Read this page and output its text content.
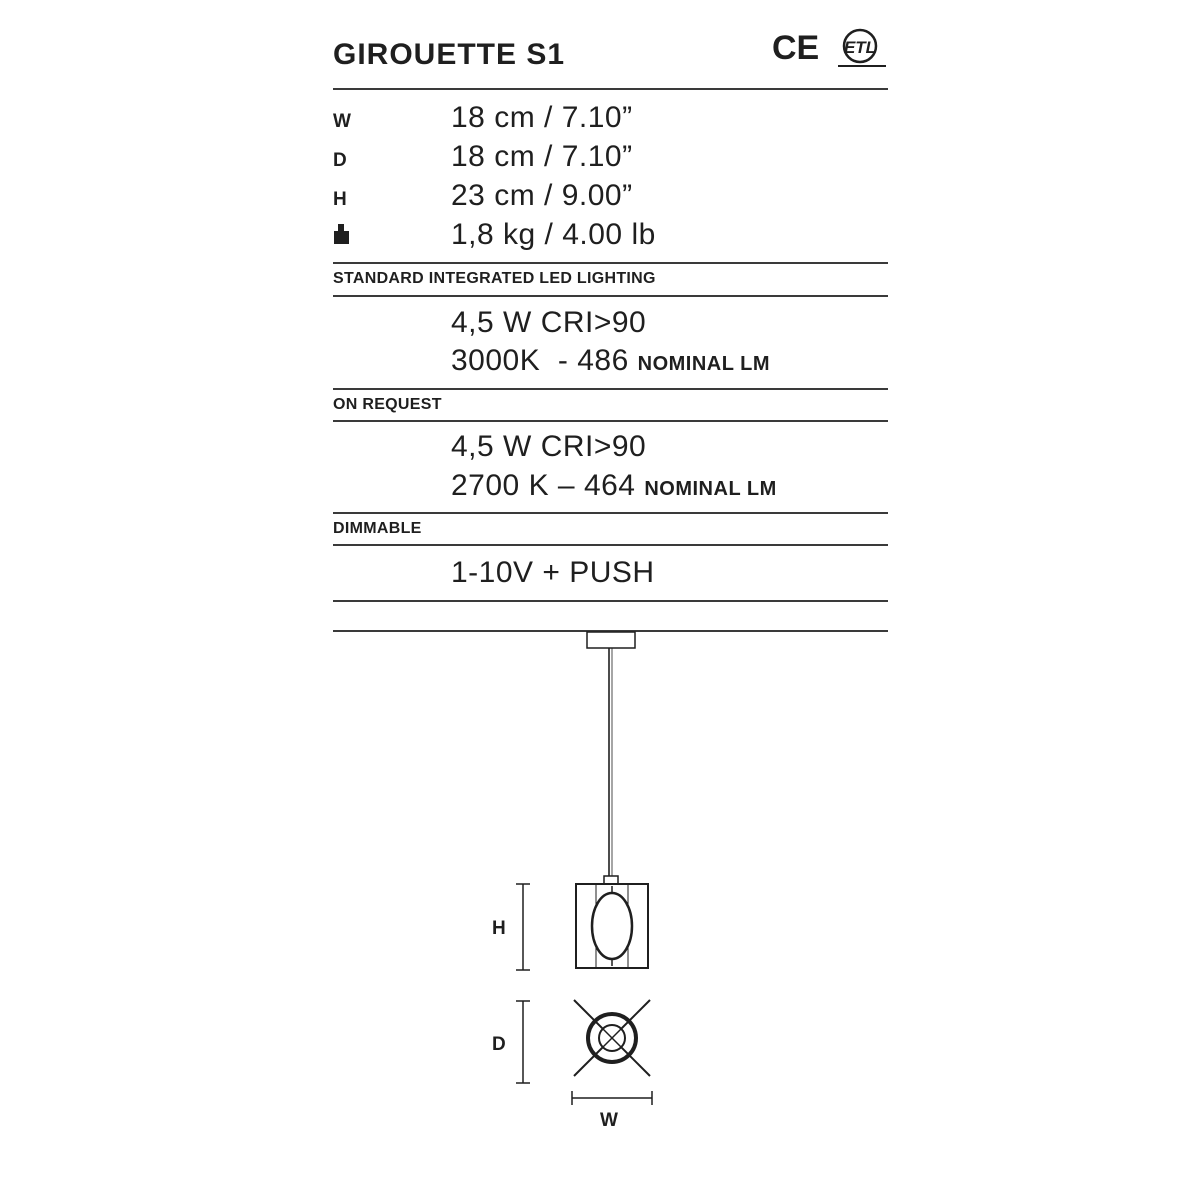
GIROUETTE S1	CE ETL
W	18 cm / 7.10”
D	18 cm / 7.10”
H	23 cm / 9.00”
1,8 kg / 4.00 lb
STANDARD INTEGRATED LED LIGHTING
4,5 W CRI>90
3000K  - 486 NOMINAL LM
ON REQUEST
4,5 W CRI>90
2700 K – 464 NOMINAL LM
DIMMABLE
1-10V + PUSH
H
D
W
